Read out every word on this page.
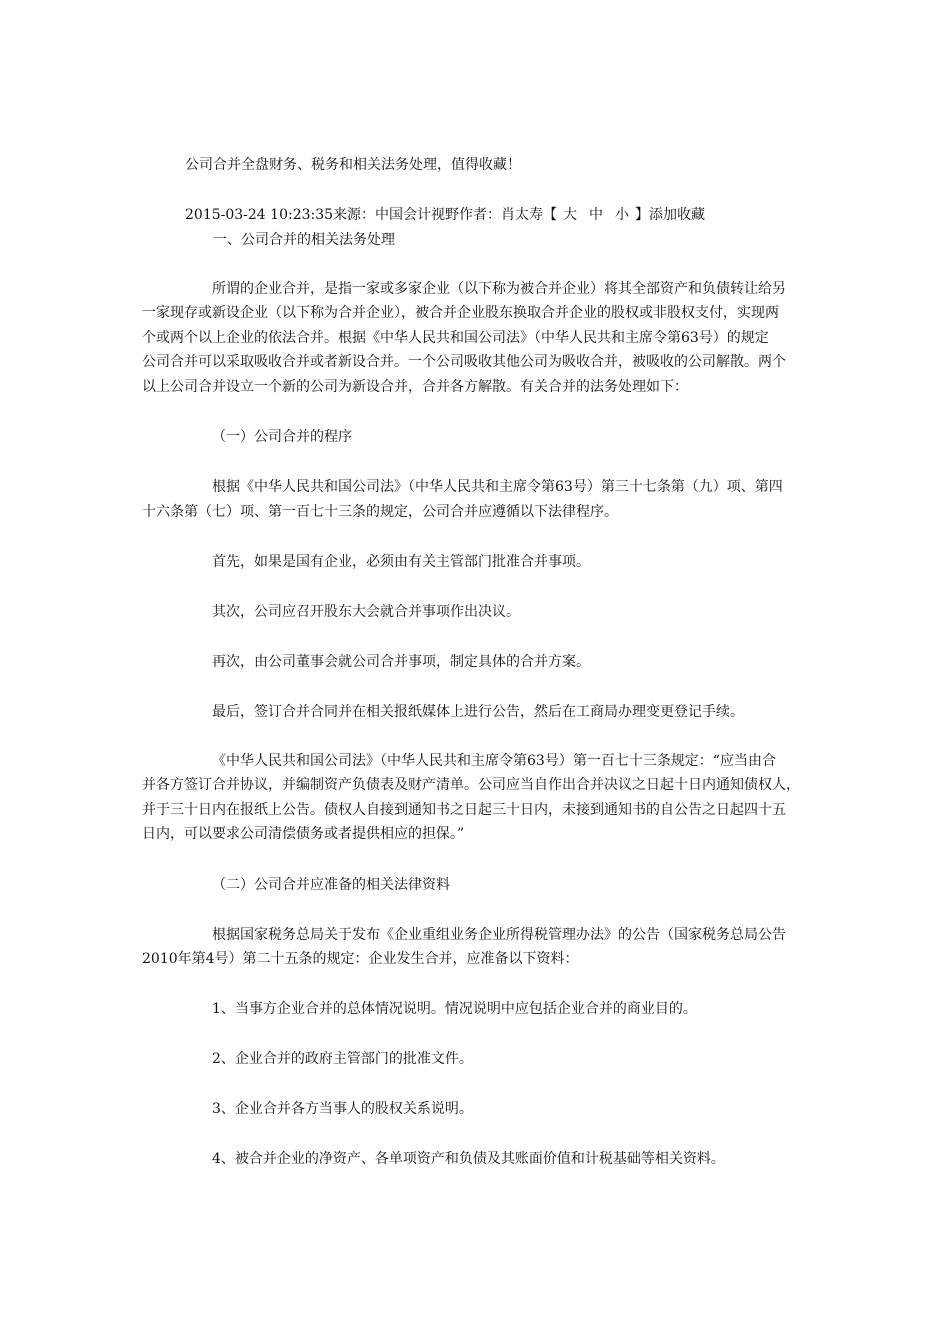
公司合并全盘财务、税务和相关法务处理，值得收藏！
2015-03-24 10:23:35来源：中国会计视野作者：肖太寿【 大 中 小 】添加收藏
一、公司合并的相关法务处理
所谓的企业合并，是指一家或多家企业（以下称为被合并企业）将其全部资产和负债转让给另
一家现存或新设企业（以下称为合并企业），被合并企业股东换取合并企业的股权或非股权支付，实现两
个或两个以上企业的依法合并。根据《中华人民共和国公司法》（中华人民共和主席令第63号）的规定
公司合并可以采取吸收合并或者新设合并。一个公司吸收其他公司为吸收合并，被吸收的公司解散。两个
以上公司合并设立一个新的公司为新设合并，合并各方解散。有关合并的法务处理如下：
（一）公司合并的程序
根据《中华人民共和国公司法》（中华人民共和主席令第63号）第三十七条第（九）项、第四
十六条第（七）项、第一百七十三条的规定，公司合并应遵循以下法律程序。
首先，如果是国有企业，必须由有关主管部门批准合并事项。
其次，公司应召开股东大会就合并事项作出决议。
再次，由公司董事会就公司合并事项，制定具体的合并方案。
最后，签订合并合同并在相关报纸媒体上进行公告，然后在工商局办理变更登记手续。
《中华人民共和国公司法》（中华人民共和主席令第63号）第一百七十三条规定：“应当由合
并各方签订合并协议，并编制资产负债表及财产清单。公司应当自作出合并决议之日起十日内通知债权人，
并于三十日内在报纸上公告。债权人自接到通知书之日起三十日内，未接到通知书的自公告之日起四十五
日内，可以要求公司清偿债务或者提供相应的担保。”
（二）公司合并应准备的相关法律资料
根据国家税务总局关于发布《企业重组业务企业所得税管理办法》的公告（国家税务总局公告
2010年第4号）第二十五条的规定：企业发生合并，应准备以下资料：
1、当事方企业合并的总体情况说明。情况说明中应包括企业合并的商业目的。
2、企业合并的政府主管部门的批准文件。
3、企业合并各方当事人的股权关系说明。
4、被合并企业的净资产、各单项资产和负债及其账面价值和计税基础等相关资料。
